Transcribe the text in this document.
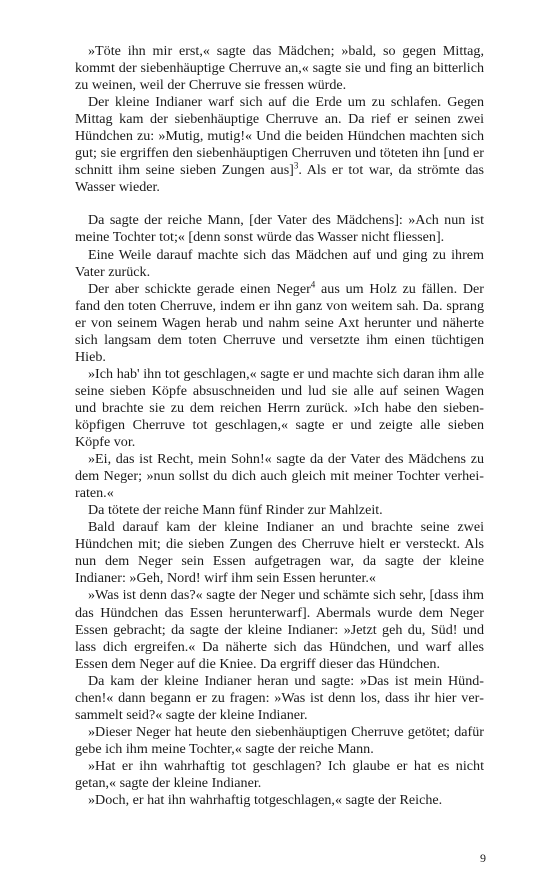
»Töte ihn mir erst,« sagte das Mädchen; »bald, so gegen Mittag, kommt der siebenhäuptige Cherruve an,« sagte sie und fing an bitterlich zu weinen, weil der Cherruve sie fressen würde.

Der kleine Indianer warf sich auf die Erde um zu schlafen. Gegen Mittag kam der siebenhäuptige Cherruve an. Da rief er seinen zwei Hündchen zu: »Mutig, mutig!« Und die beiden Hündchen machten sich gut; sie ergriffen den siebenhäuptigen Cherruven und töteten ihn [und er schnitt ihm seine sieben Zungen aus]$^3$. Als er tot war, da strömte das Wasser wieder.

Da sagte der reiche Mann, [der Vater des Mädchens]: »Ach nun ist meine Tochter tot;« [denn sonst würde das Wasser nicht fliessen].

Eine Weile darauf machte sich das Mädchen auf und ging zu ihrem Vater zurück.

Der aber schickte gerade einen Neger$^4$ aus um Holz zu fällen. Der fand den toten Cherruve, indem er ihn ganz von weitem sah. Da. sprang er von seinem Wagen herab und nahm seine Axt herunter und näherte sich langsam dem toten Cherruve und versetzte ihm einen tüchtigen Hieb.

»Ich hab' ihn tot geschlagen,« sagte er und machte sich daran ihm alle seine sieben Köpfe absuschneiden und lud sie alle auf seinen Wagen und brachte sie zu dem reichen Herrn zurück. »Ich habe den siebenköpfigen Cherruve tot geschlagen,« sagte er und zeigte alle sieben Köpfe vor.

»Ei, das ist Recht, mein Sohn!« sagte da der Vater des Mädchens zu dem Neger; »nun sollst du dich auch gleich mit meiner Tochter verheiraten.«

Da tötete der reiche Mann fünf Rinder zur Mahlzeit.

Bald darauf kam der kleine Indianer an und brachte seine zwei Hündchen mit; die sieben Zungen des Cherruve hielt er versteckt. Als nun dem Neger sein Essen aufgetragen war, da sagte der kleine Indianer: »Geh, Nord! wirf ihm sein Essen herunter.«

»Was ist denn das?« sagte der Neger und schämte sich sehr, [dass ihm das Hündchen das Essen herunterwarf]. Abermals wurde dem Neger Essen gebracht; da sagte der kleine Indianer: »Jetzt geh du, Süd! und lass dich ergreifen.« Da näherte sich das Hündchen, und warf alles Essen dem Neger auf die Kniee. Da ergriff dieser das Hündchen.

Da kam der kleine Indianer heran und sagte: »Das ist mein Hündchen!« dann begann er zu fragen: »Was ist denn los, dass ihr hier versammelt seid?« sagte der kleine Indianer.

»Dieser Neger hat heute den siebenhäuptigen Cherruve getötet; dafür gebe ich ihm meine Tochter,« sagte der reiche Mann.

»Hat er ihn wahrhaftig tot geschlagen? Ich glaube er hat es nicht getan,« sagte der kleine Indianer.

»Doch, er hat ihn wahrhaftig totgeschlagen,« sagte der Reiche.

9
